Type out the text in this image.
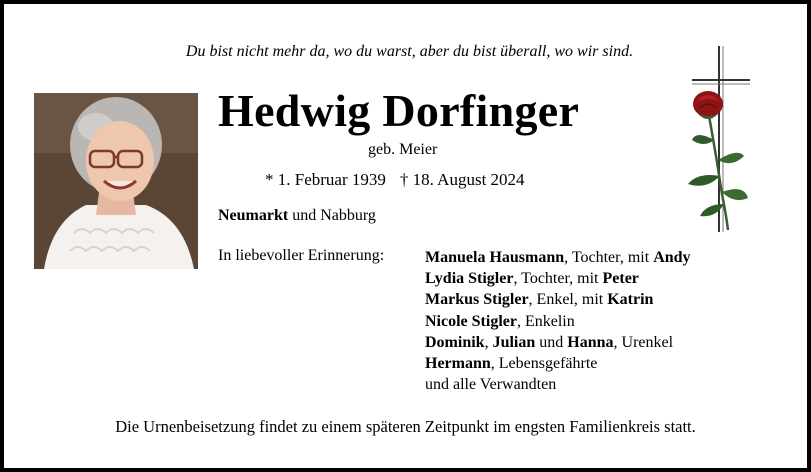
Du bist nicht mehr da, wo du warst, aber du bist überall, wo wir sind.
Hedwig Dorfinger
geb. Meier
* 1. Februar 1939 † 18. August 2024
Neumarkt und Nabburg
In liebevoller Erinnerung:	Manuela Hausmann, Tochter, mit Andy
Lydia Stigler, Tochter, mit Peter
Markus Stigler, Enkel, mit Katrin
Nicole Stigler, Enkelin
Dominik, Julian und Hanna, Urenkel
Hermann, Lebensgefährte
und alle Verwandten
Die Urnenbeisetzung findet zu einem späteren Zeitpunkt im engsten Familienkreis statt.
